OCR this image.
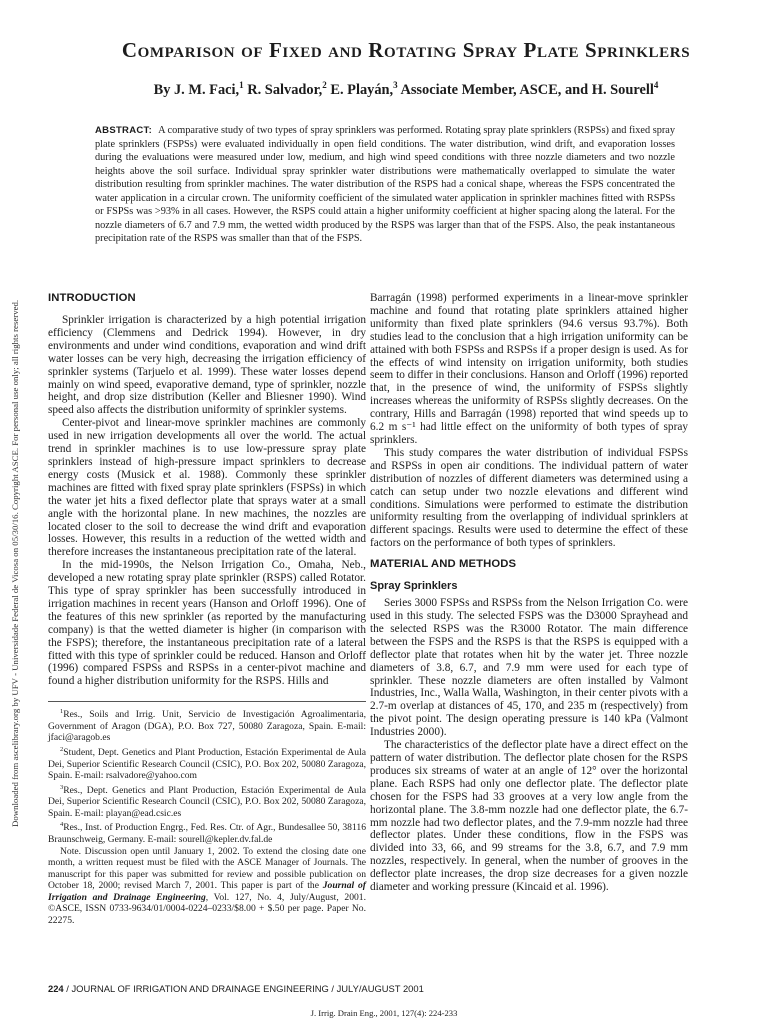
Downloaded from ascelibrary.org by UFV - Universidade Federal de Vicosa on 05/30/16. Copyright ASCE. For personal use only; all rights reserved.
Comparison of Fixed and Rotating Spray Plate Sprinklers
By J. M. Faci,$^1$ R. Salvador,$^2$ E. Playán,$^3$ Associate Member, ASCE, and H. Sourell$^4$

ABSTRACT: A comparative study of two types of spray sprinklers was performed. Rotating spray plate sprinklers (RSPSs) and fixed spray plate sprinklers (FSPSs) were evaluated individually in open field conditions. The water distribution, wind drift, and evaporation losses during the evaluations were measured under low, medium, and high wind speed conditions with three nozzle diameters and two nozzle heights above the soil surface. Individual spray sprinkler water distributions were mathematically overlapped to simulate the water distribution resulting from sprinkler machines. The water distribution of the RSPS had a conical shape, whereas the FSPS concentrated the water application in a circular crown. The uniformity coefficient of the simulated water application in sprinkler machines fitted with RSPSs or FSPSs was >93% in all cases. However, the RSPS could attain a higher uniformity coefficient at higher spacing along the lateral. For the nozzle diameters of 6.7 and 7.9 mm, the wetted width produced by the RSPS was larger than that of the FSPS. Also, the peak instantaneous precipitation rate of the RSPS was smaller than that of the FSPS.

INTRODUCTION

Sprinkler irrigation is characterized by a high potential irrigation efficiency (Clemmens and Dedrick 1994). However, in dry environments and under wind conditions, evaporation and wind drift water losses can be very high, decreasing the irrigation efficiency of sprinkler systems (Tarjuelo et al. 1999). These water losses depend mainly on wind speed, evaporative demand, type of sprinkler, nozzle height, and drop size distribution (Keller and Bliesner 1990). Wind speed also affects the distribution uniformity of sprinkler systems.

Center-pivot and linear-move sprinkler machines are commonly used in new irrigation developments all over the world. The actual trend in sprinkler machines is to use low-pressure spray plate sprinklers instead of high-pressure impact sprinklers to decrease energy costs (Musick et al. 1988). Commonly these sprinkler machines are fitted with fixed spray plate sprinklers (FSPSs) in which the water jet hits a fixed deflector plate that sprays water at a small angle with the horizontal plane. In new machines, the nozzles are located closer to the soil to decrease the wind drift and evaporation losses. However, this results in a reduction of the wetted width and therefore increases the instantaneous precipitation rate of the lateral.

In the mid-1990s, the Nelson Irrigation Co., Omaha, Neb., developed a new rotating spray plate sprinkler (RSPS) called Rotator. This type of spray sprinkler has been successfully introduced in irrigation machines in recent years (Hanson and Orloff 1996). One of the features of this new sprinkler (as reported by the manufacturing company) is that the wetted diameter is higher (in comparison with the FSPS); therefore, the instantaneous precipitation rate of a lateral fitted with this type of sprinkler could be reduced. Hanson and Orloff (1996) compared FSPSs and RSPSs in a center-pivot machine and found a higher distribution uniformity for the RSPS. Hills and

$^1$Res., Soils and Irrig. Unit, Servicio de Investigación Agroalimentaria, Government of Aragon (DGA), P.O. Box 727, 50080 Zaragoza, Spain. E-mail: jfaci@aragob.es

$^2$Student, Dept. Genetics and Plant Production, Estación Experimental de Aula Dei, Superior Scientific Research Council (CSIC), P.O. Box 202, 50080 Zaragoza, Spain. E-mail: rsalvadore@yahoo.com

$^3$Res., Dept. Genetics and Plant Production, Estación Experimental de Aula Dei, Superior Scientific Research Council (CSIC), P.O. Box 202, 50080 Zaragoza, Spain. E-mail: playan@ead.csic.es

$^4$Res., Inst. of Production Engrg., Fed. Res. Ctr. of Agr., Bundesallee 50, 38116 Braunschweig, Germany. E-mail: sourell@kepler.dv.fal.de

Note. Discussion open until January 1, 2002. To extend the closing date one month, a written request must be filed with the ASCE Manager of Journals. The manuscript for this paper was submitted for review and possible publication on October 18, 2000; revised March 7, 2001. This paper is part of the Journal of Irrigation and Drainage Engineering, Vol. 127, No. 4, July/August, 2001. ©ASCE, ISSN 0733-9634/01/0004-0224–0233/$8.00 + $.50 per page. Paper No. 22275.

Barragán (1998) performed experiments in a linear-move sprinkler machine and found that rotating plate sprinklers attained higher uniformity than fixed plate sprinklers (94.6 versus 93.7%). Both studies lead to the conclusion that a high irrigation uniformity can be attained with both FSPSs and RSPSs if a proper design is used. As for the effects of wind intensity on irrigation uniformity, both studies seem to differ in their conclusions. Hanson and Orloff (1996) reported that, in the presence of wind, the uniformity of FSPSs slightly increases whereas the uniformity of RSPSs slightly decreases. On the contrary, Hills and Barragán (1998) reported that wind speeds up to 6.2 m s⁻¹ had little effect on the uniformity of both types of spray sprinklers.

This study compares the water distribution of individual FSPSs and RSPSs in open air conditions. The individual pattern of water distribution of nozzles of different diameters was determined using a catch can setup under two nozzle elevations and different wind conditions. Simulations were performed to estimate the distribution uniformity resulting from the overlapping of individual sprinklers at different spacings. Results were used to determine the effect of these factors on the performance of both types of sprinklers.

MATERIAL AND METHODS
Spray Sprinklers

Series 3000 FSPSs and RSPSs from the Nelson Irrigation Co. were used in this study. The selected FSPS was the D3000 Sprayhead and the selected RSPS was the R3000 Rotator. The main difference between the FSPS and the RSPS is that the RSPS is equipped with a deflector plate that rotates when hit by the water jet. Three nozzle diameters of 3.8, 6.7, and 7.9 mm were used for each type of sprinkler. These nozzle diameters are often installed by Valmont Industries, Inc., Walla Walla, Washington, in their center pivots with a 2.7-m overlap at distances of 45, 170, and 235 m (respectively) from the pivot point. The design operating pressure is 140 kPa (Valmont Industries 2000).

The characteristics of the deflector plate have a direct effect on the pattern of water distribution. The deflector plate chosen for the RSPS produces six streams of water at an angle of 12° over the horizontal plane. Each RSPS had only one deflector plate. The deflector plate chosen for the FSPS had 33 grooves at a very low angle from the horizontal plane. The 3.8-mm nozzle had one deflector plate, the 6.7-mm nozzle had two deflector plates, and the 7.9-mm nozzle had three deflector plates. Under these conditions, flow in the FSPS was divided into 33, 66, and 99 streams for the 3.8, 6.7, and 7.9 mm nozzles, respectively. In general, when the number of grooves in the deflector plate increases, the drop size decreases for a given nozzle diameter and working pressure (Kincaid et al. 1996).

224 / JOURNAL OF IRRIGATION AND DRAINAGE ENGINEERING / JULY/AUGUST 2001
J. Irrig. Drain Eng., 2001, 127(4): 224-233
